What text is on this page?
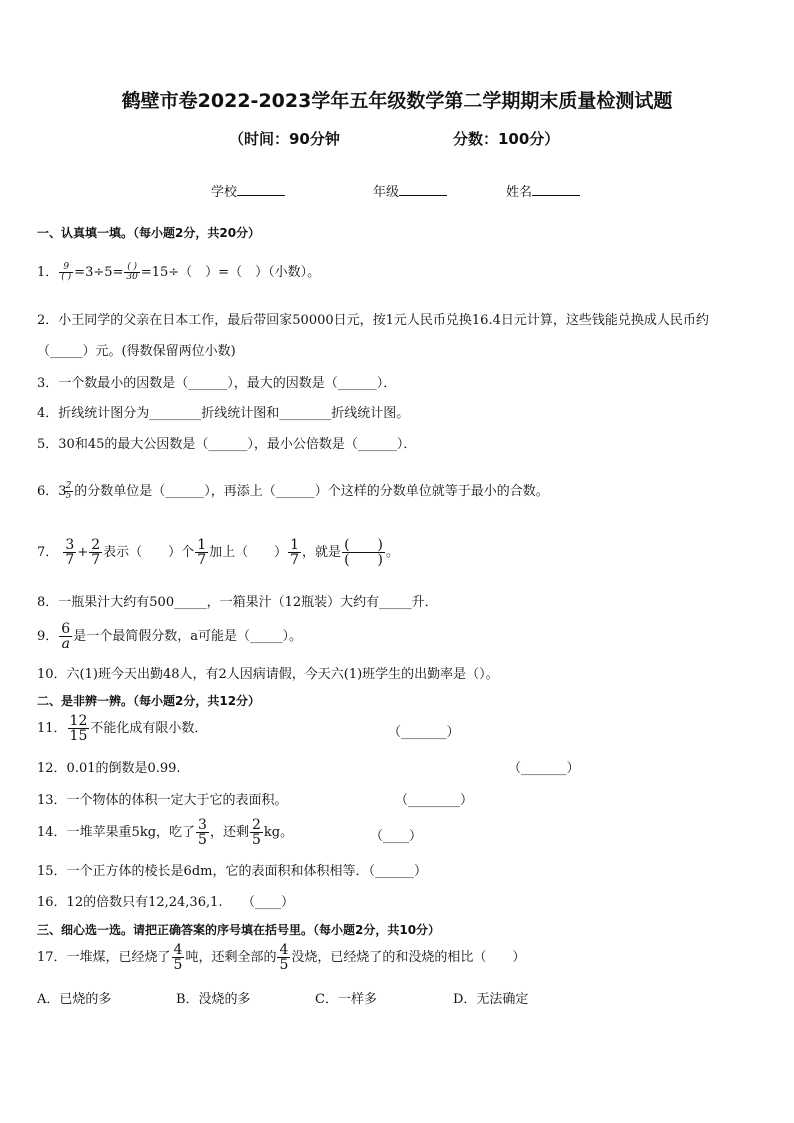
鹤壁市卷2022-2023学年五年级数学第二学期期末质量检测试题
（时间：90分钟	分数：100分）
学校	年级	姓名
一、认真填一填。（每小题2分，共20分）
1． $\frac{9}{( )} =3\div 5= \frac{( )}{30} =15\div$（　）=（　）（小数）。
2．小王同学的父亲在日本工作，最后带回家50000日元，按1元人民币兑换16.4日元计算，这些钱能兑换成人民币约
（_____）元。(得数保留两位小数)
3．一个数最小的因数是（______），最大的因数是（______）．
4．折线统计图分为________折线统计图和________折线统计图。
5．30和45的最大公因数是（______），最小公倍数是（______）．
6．3
$\frac{2}{5}$ 的分数单位是（______），再添上（______）个这样的分数单位就等于最小的合数。
7． $\frac{3}{7} + \frac{2}{7}$ 表示（　　）个 $\frac{1}{7}$ 加上（　　） $\frac{1}{7}$ ，就是 $\frac{( )}{( )}$ 。
8．一瓶果汁大约有500_____，一箱果汁（12瓶装）大约有_____升．
9． $\frac{6}{a}$ 是一个最简假分数，a可能是（_____）。
10．六(1)班今天出勤48人，有2人因病请假，今天六(1)班学生的出勤率是（）。
二、是非辨一辨。（每小题2分，共12分）
11． $\frac{12}{15}$ 不能化成有限小数．	（_______）
12．0.01的倒数是0.99.	（_______）
13．一个物体的体积一定大于它的表面积。	（________）
14．一堆苹果重5kg，吃了 $\frac{3}{5}$ ，还剩 $\frac{2}{5}$ kg。	（____）
15．一个正方体的棱长是6dm，它的表面积和体积相等．（______）
16．12的倍数只有12,24,36,1.　　（____）
三、细心选一选。请把正确答案的序号填在括号里。（每小题2分，共10分）
17．一堆煤，已经烧了 $\frac{4}{5}$ 吨，还剩全部的 $\frac{4}{5}$ 没烧，已经烧了的和没烧的相比（　　）
A．已烧的多	B．没烧的多	C．一样多	D．无法确定
